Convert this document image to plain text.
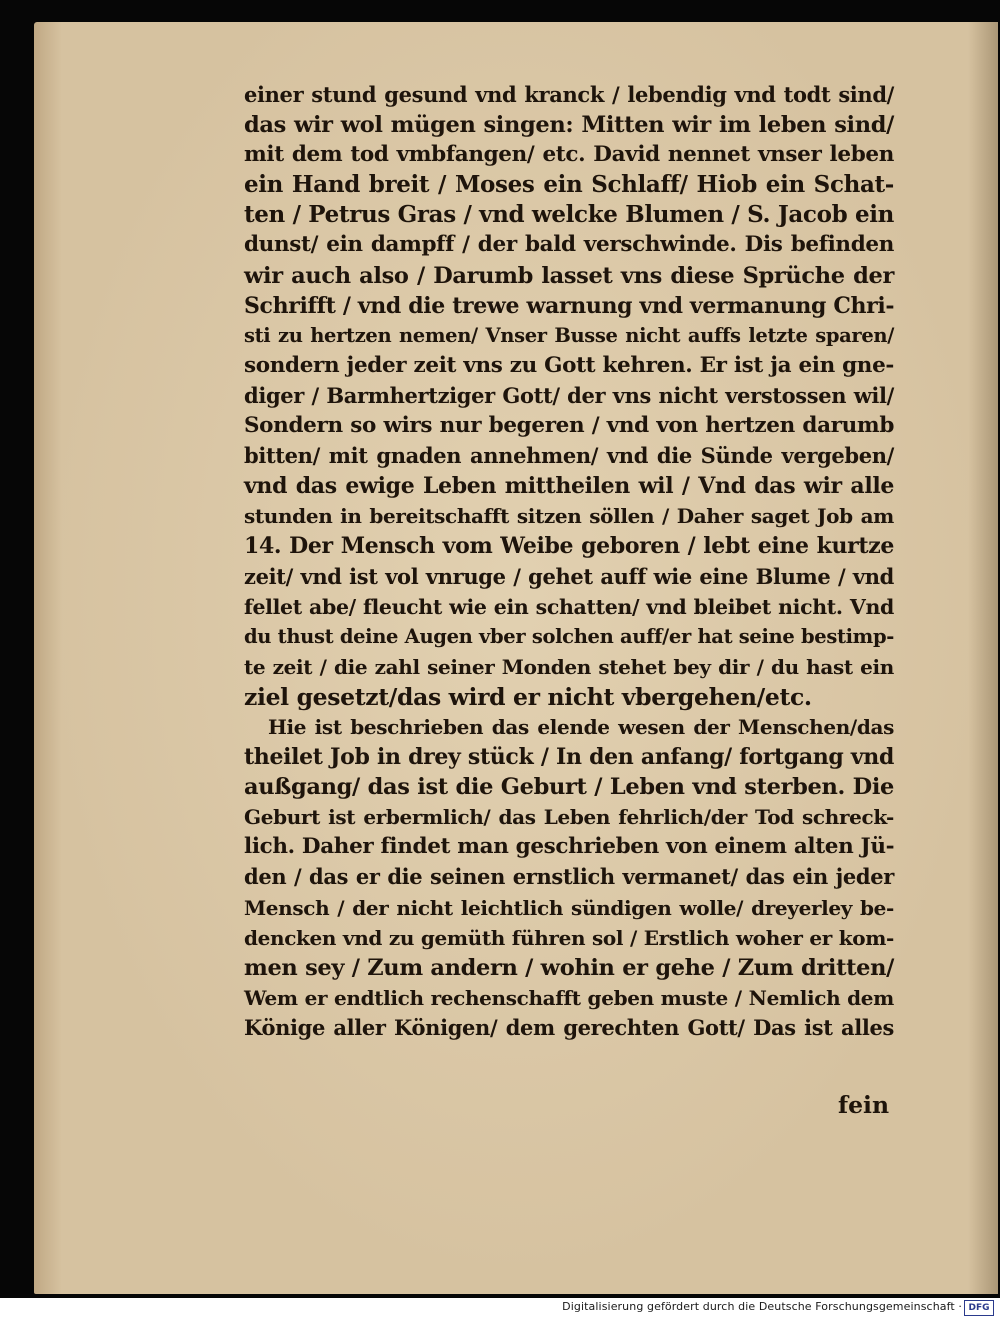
einer stund gesund vnd kranck / lebendig vnd todt sind/
das wir wol mügen singen: Mitten wir im leben sind/
mit dem tod vmbfangen/ etc. David nennet vnser leben
ein Hand breit / Moses ein Schlaff/ Hiob ein Schat-
ten / Petrus Gras / vnd welcke Blumen / S. Jacob ein
dunst/ ein dampff / der bald verschwinde. Dis befinden
wir auch also / Darumb lasset vns diese Sprüche der
Schrifft / vnd die trewe warnung vnd vermanung Chri-
sti zu hertzen nemen/ Vnser Busse nicht auffs letzte sparen/
sondern jeder zeit vns zu Gott kehren. Er ist ja ein gne-
diger / Barmhertziger Gott/ der vns nicht verstossen wil/
Sondern so wirs nur begeren / vnd von hertzen darumb
bitten/ mit gnaden annehmen/ vnd die Sünde vergeben/
vnd das ewige Leben mittheilen wil / Vnd das wir alle
stunden in bereitschafft sitzen söllen / Daher saget Job am
14. Der Mensch vom Weibe geboren / lebt eine kurtze
zeit/ vnd ist vol vnruge / gehet auff wie eine Blume / vnd
fellet abe/ fleucht wie ein schatten/ vnd bleibet nicht. Vnd
du thust deine Augen vber solchen auff/er hat seine bestimp-
te zeit / die zahl seiner Monden stehet bey dir / du hast ein
ziel gesetzt/das wird er nicht vbergehen/etc.
Hie ist beschrieben das elende wesen der Menschen/das
theilet Job in drey stück / In den anfang/ fortgang vnd
außgang/ das ist die Geburt / Leben vnd sterben. Die
Geburt ist erbermlich/ das Leben fehrlich/der Tod schreck-
lich. Daher findet man geschrieben von einem alten Jü-
den / das er die seinen ernstlich vermanet/ das ein jeder
Mensch / der nicht leichtlich sündigen wolle/ dreyerley be-
dencken vnd zu gemüth führen sol / Erstlich woher er kom-
men sey / Zum andern / wohin er gehe / Zum dritten/
Wem er endtlich rechenschafft geben muste / Nemlich dem
Könige aller Königen/ dem gerechten Gott/ Das ist alles
fein
Digitalisierung gefördert durch die Deutsche Forschungsgemeinschaft · DFG
